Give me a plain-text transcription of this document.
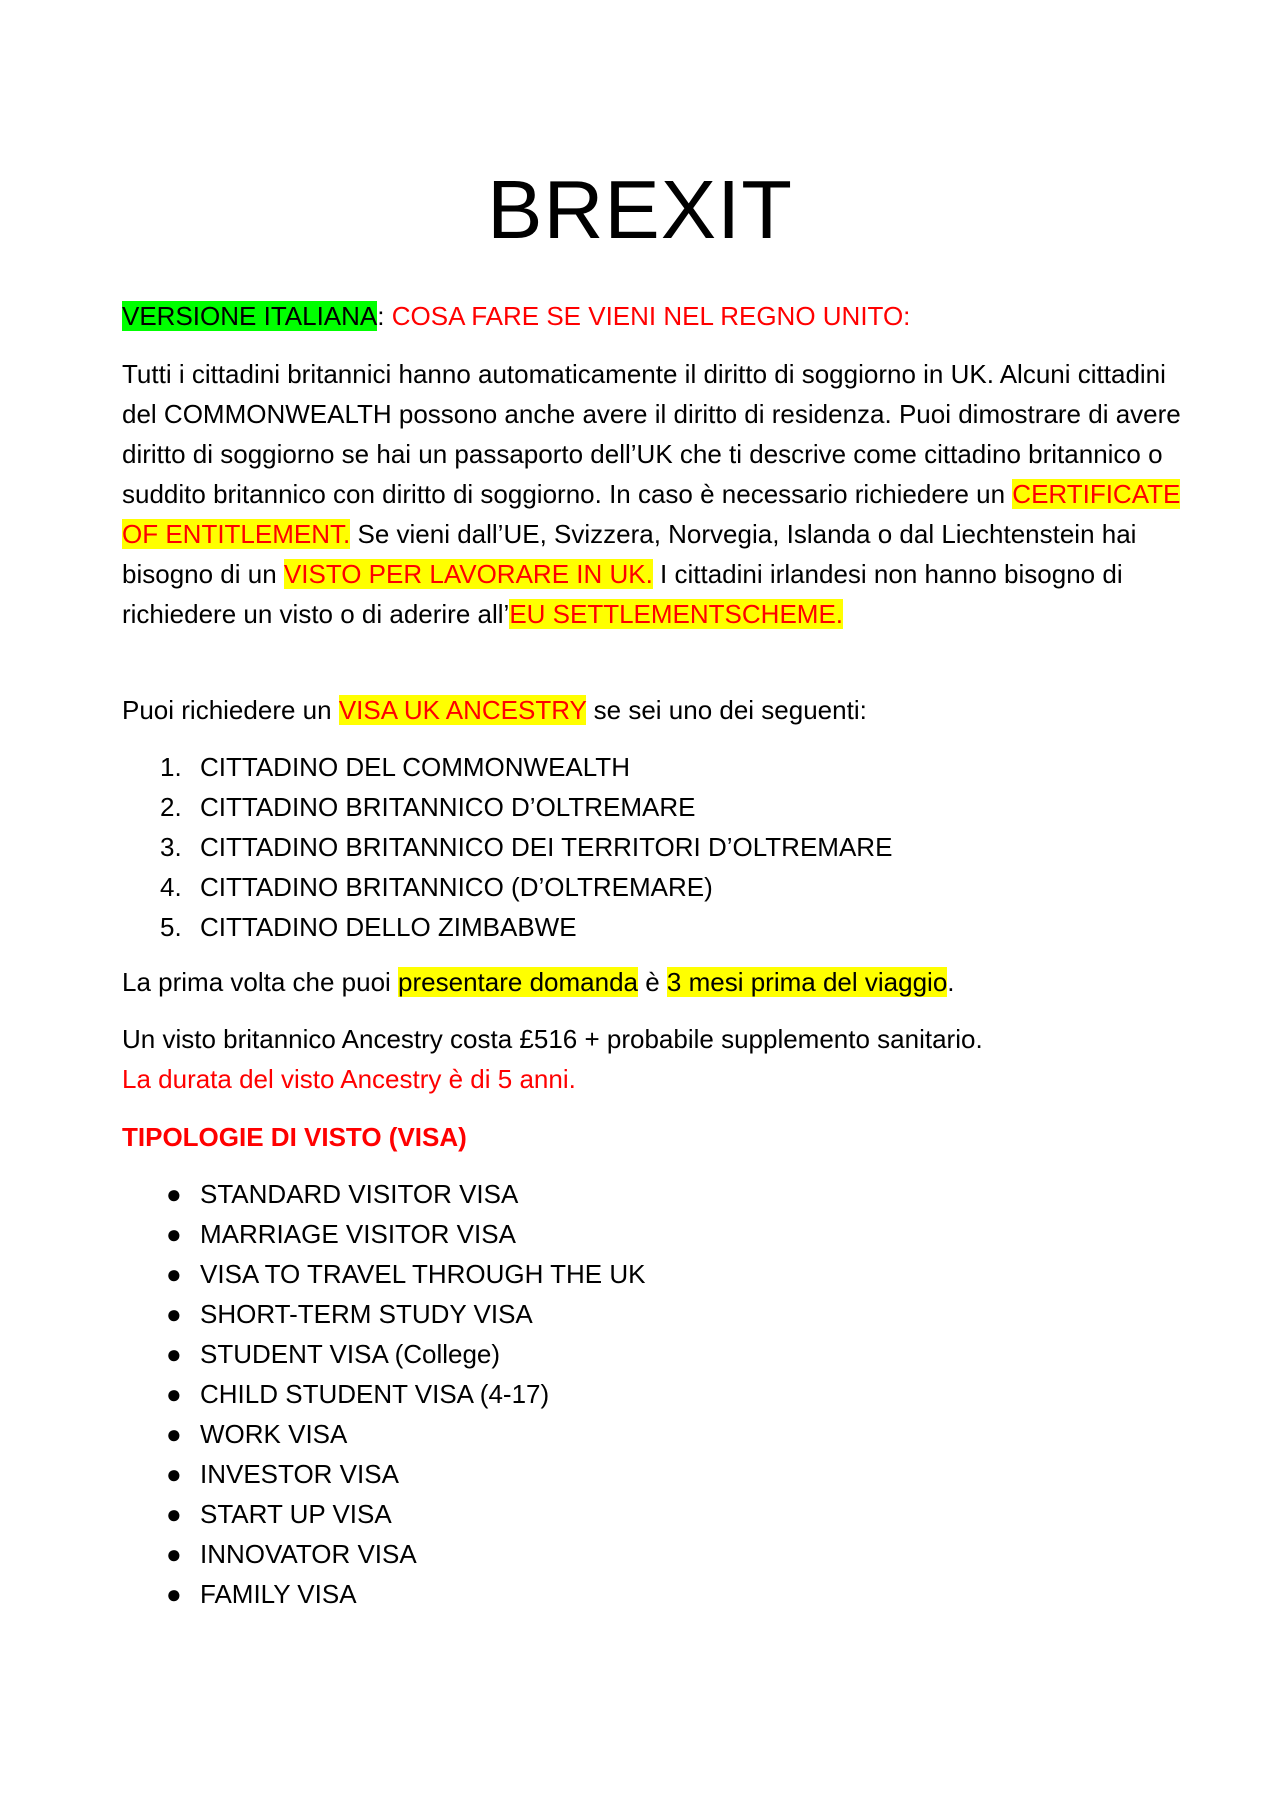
BREXIT

VERSIONE ITALIANA: COSA FARE SE VIENI NEL REGNO UNITO:

Tutti i cittadini britannici hanno automaticamente il diritto di soggiorno in UK. Alcuni cittadini del COMMONWEALTH possono anche avere il diritto di residenza. Puoi dimostrare di avere diritto di soggiorno se hai un passaporto dell’UK che ti descrive come cittadino britannico o suddito britannico con diritto di soggiorno. In caso è necessario richiedere un CERTIFICATE OF ENTITLEMENT. Se vieni dall’UE, Svizzera, Norvegia, Islanda o dal Liechtenstein hai bisogno di un VISTO PER LAVORARE IN UK. I cittadini irlandesi non hanno bisogno di richiedere un visto o di aderire all’EU SETTLEMENTSCHEME.

Puoi richiedere un VISA UK ANCESTRY se sei uno dei seguenti:

1. CITTADINO DEL COMMONWEALTH
2. CITTADINO BRITANNICO D’OLTREMARE
3. CITTADINO BRITANNICO DEI TERRITORI D’OLTREMARE
4. CITTADINO BRITANNICO (D’OLTREMARE)
5. CITTADINO DELLO ZIMBABWE

La prima volta che puoi presentare domanda è 3 mesi prima del viaggio.

Un visto britannico Ancestry costa £516 + probabile supplemento sanitario.

La durata del visto Ancestry è di 5 anni.

TIPOLOGIE DI VISTO (VISA)

● STANDARD VISITOR VISA
● MARRIAGE VISITOR VISA
● VISA TO TRAVEL THROUGH THE UK
● SHORT-TERM STUDY VISA
● STUDENT VISA (College)
● CHILD STUDENT VISA (4-17)
● WORK VISA
● INVESTOR VISA
● START UP VISA
● INNOVATOR VISA
● FAMILY VISA
